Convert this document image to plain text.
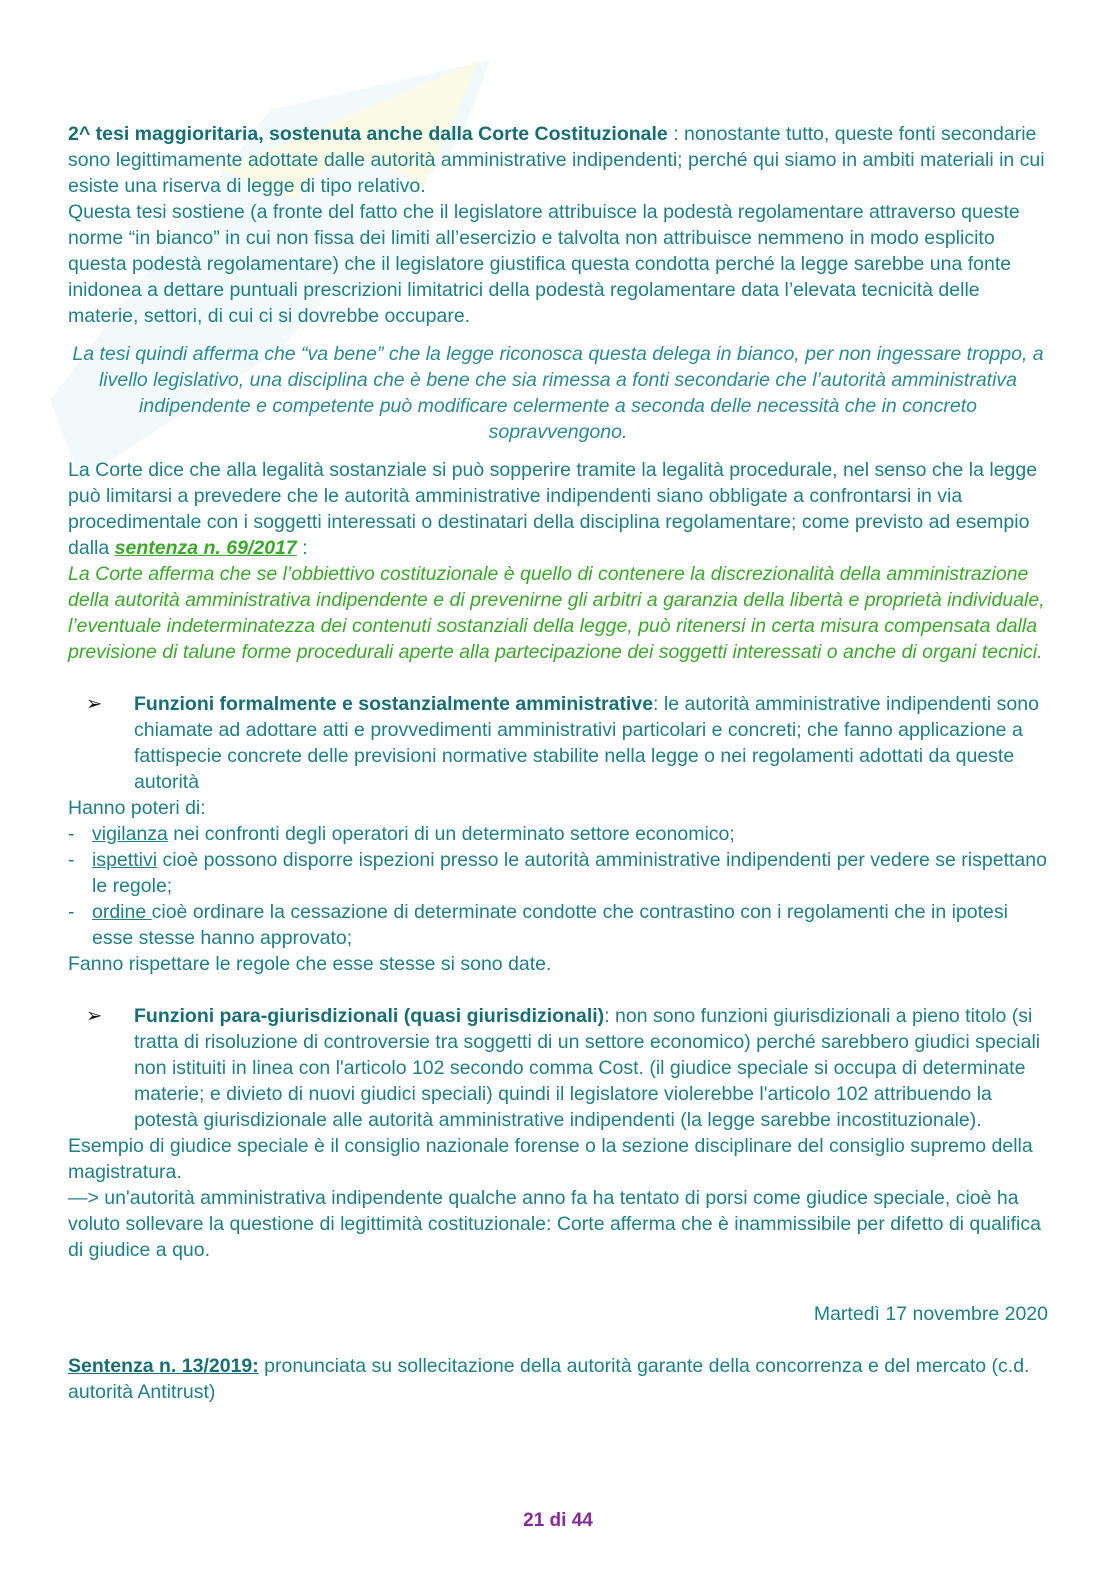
2^ tesi maggioritaria, sostenuta anche dalla Corte Costituzionale : nonostante tutto, queste fonti secondarie sono legittimamente adottate dalle autorità amministrative indipendenti; perché qui siamo in ambiti materiali in cui esiste una riserva di legge di tipo relativo.

Questa tesi sostiene (a fronte del fatto che il legislatore attribuisce la podestà regolamentare attraverso queste norme “in bianco” in cui non fissa dei limiti all’esercizio e talvolta non attribuisce nemmeno in modo esplicito questa podestà regolamentare) che il legislatore giustifica questa condotta perché la legge sarebbe una fonte inidonea a dettare puntuali prescrizioni limitatrici della podestà regolamentare data l’elevata tecnicità delle materie, settori, di cui ci si dovrebbe occupare.

La tesi quindi afferma che “va bene” che la legge riconosca questa delega in bianco, per non ingessare troppo, a livello legislativo, una disciplina che è bene che sia rimessa a fonti secondarie che l’autorità amministrativa indipendente e competente può modificare celermente a seconda delle necessità che in concreto sopravvengono.

La Corte dice che alla legalità sostanziale si può sopperire tramite la legalità procedurale, nel senso che la legge può limitarsi a prevedere che le autorità amministrative indipendenti siano obbligate a confrontarsi in via procedimentale con i soggetti interessati o destinatari della disciplina regolamentare; come previsto ad esempio dalla sentenza n. 69/2017 :

La Corte afferma che se l’obbiettivo costituzionale è quello di contenere la discrezionalità della amministrazione della autorità amministrativa indipendente e di prevenirne gli arbitri a garanzia della libertà e proprietà individuale, l’eventuale indeterminatezza dei contenuti sostanziali della legge, può ritenersi in certa misura compensata dalla previsione di talune forme procedurali aperte alla partecipazione dei soggetti interessati o anche di organi tecnici.

➢	Funzioni formalmente e sostanzialmente amministrative: le autorità amministrative indipendenti sono chiamate ad adottare atti e provvedimenti amministrativi particolari e concreti; che fanno applicazione a fattispecie concrete delle previsioni normative stabilite nella legge o nei regolamenti adottati da queste autorità

Hanno poteri di:

- vigilanza nei confronti degli operatori di un determinato settore economico;
- ispettivi cioè possono disporre ispezioni presso le autorità amministrative indipendenti per vedere se rispettano le regole;
- ordine cioè ordinare la cessazione di determinate condotte che contrastino con i regolamenti che in ipotesi esse stesse hanno approvato;

Fanno rispettare le regole che esse stesse si sono date.

➢	Funzioni para-giurisdizionali (quasi giurisdizionali): non sono funzioni giurisdizionali a pieno titolo (si tratta di risoluzione di controversie tra soggetti di un settore economico) perché sarebbero giudici speciali non istituiti in linea con l'articolo 102 secondo comma Cost. (il giudice speciale si occupa di determinate materie; e divieto di nuovi giudici speciali) quindi il legislatore violerebbe l'articolo 102 attribuendo la potestà giurisdizionale alle autorità amministrative indipendenti (la legge sarebbe incostituzionale).

Esempio di giudice speciale è il consiglio nazionale forense o la sezione disciplinare del consiglio supremo della magistratura.

—> un'autorità amministrativa indipendente qualche anno fa ha tentato di porsi come giudice speciale, cioè ha voluto sollevare la questione di legittimità costituzionale: Corte afferma che è inammissibile per difetto di qualifica di giudice a quo.

Martedì 17 novembre 2020

Sentenza n. 13/2019: pronunciata su sollecitazione della autorità garante della concorrenza e del mercato (c.d. autorità Antitrust)

21 di 44
